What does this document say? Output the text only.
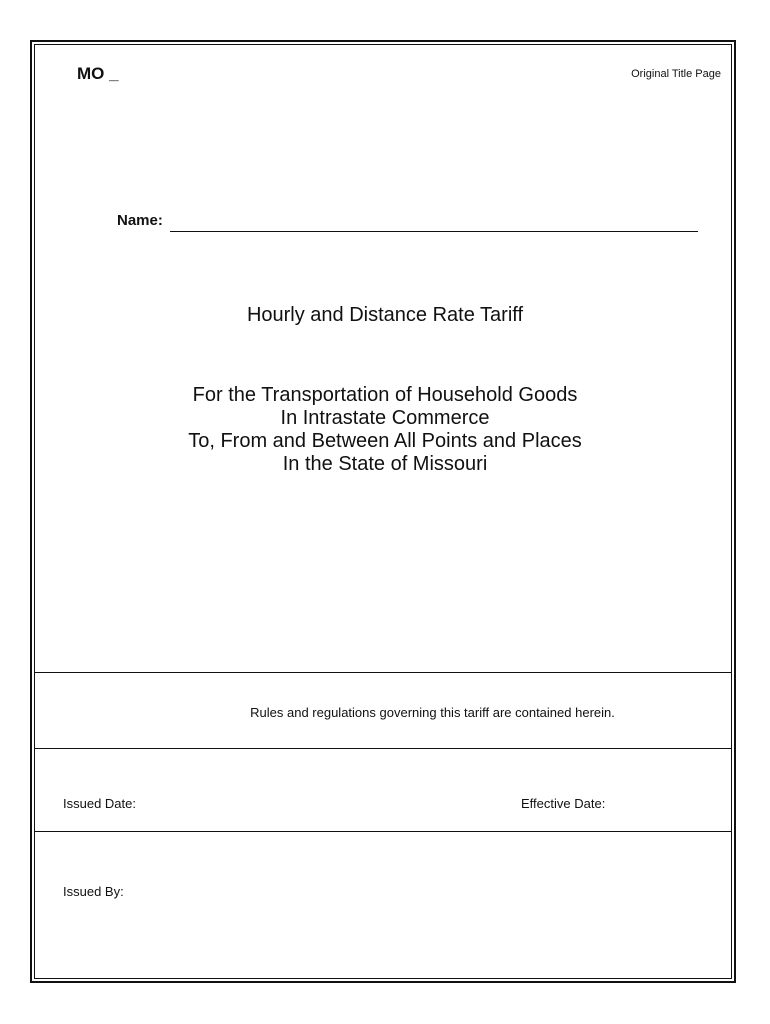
MO _	Original Title Page
Name:
Hourly and Distance Rate Tariff
For the Transportation of Household Goods
In Intrastate Commerce
To, From and Between All Points and Places
In the State of Missouri
Rules and regulations governing this tariff are contained herein.
Issued Date:	Effective Date:
Issued By:
